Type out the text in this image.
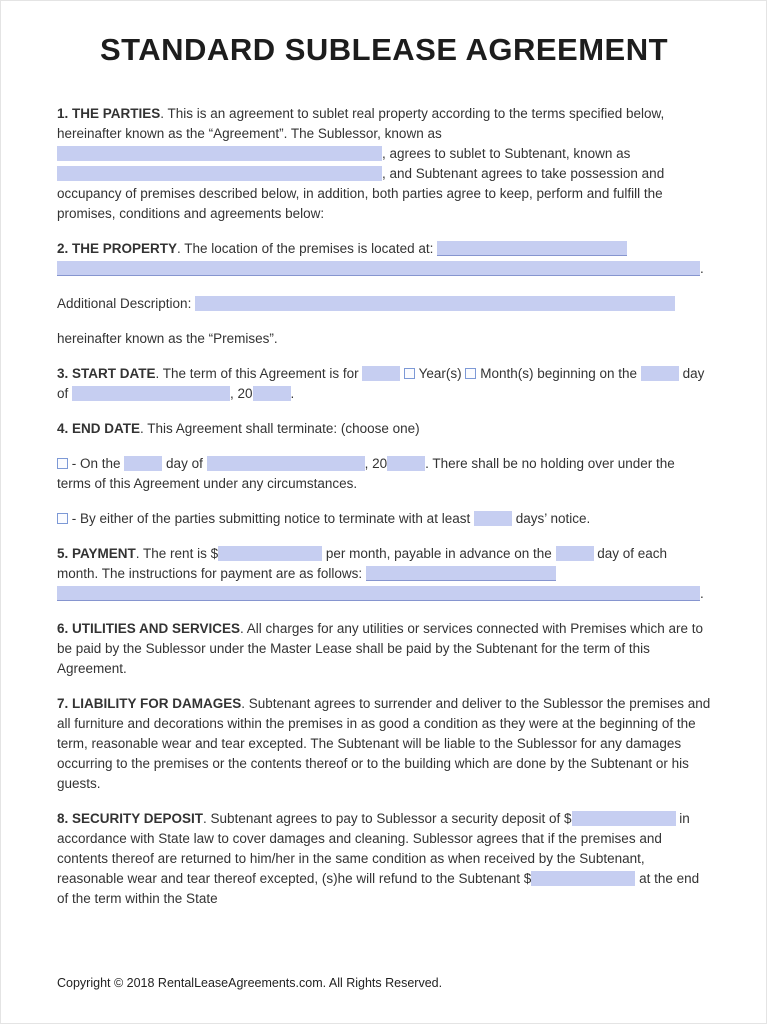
STANDARD SUBLEASE AGREEMENT

1. THE PARTIES. This is an agreement to sublet real property according to the terms specified below, hereinafter known as the “Agreement”. The Sublessor, known as , agrees to sublet to Subtenant, known as , and Subtenant agrees to take possession and occupancy of premises described below, in addition, both parties agree to keep, perform and fulfill the promises, conditions and agreements below:

2. THE PROPERTY. The location of the premises is located at: .

Additional Description:

hereinafter known as the “Premises”.

3. START DATE. The term of this Agreement is for	Year(s) Month(s) beginning on the	day of	, 20	.

4. END DATE. This Agreement shall terminate: (choose one)

- On the	day of	, 20	. There shall be no holding over under the terms of this Agreement under any circumstances.

- By either of the parties submitting notice to terminate with at least	days’ notice.

5. PAYMENT. The rent is $	per month, payable in advance on the	day of each month. The instructions for payment are as follows: .

6. UTILITIES AND SERVICES. All charges for any utilities or services connected with Premises which are to be paid by the Sublessor under the Master Lease shall be paid by the Subtenant for the term of this Agreement.

7. LIABILITY FOR DAMAGES. Subtenant agrees to surrender and deliver to the Sublessor the premises and all furniture and decorations within the premises in as good a condition as they were at the beginning of the term, reasonable wear and tear excepted. The Subtenant will be liable to the Sublessor for any damages occurring to the premises or the contents thereof or to the building which are done by the Subtenant or his guests.

8. SECURITY DEPOSIT. Subtenant agrees to pay to Sublessor a security deposit of $	in accordance with State law to cover damages and cleaning. Sublessor agrees that if the premises and contents thereof are returned to him/her in the same condition as when received by the Subtenant, reasonable wear and tear thereof excepted, (s)he will refund to the Subtenant $	at the end of the term within the State

Copyright © 2018 RentalLeaseAgreements.com. All Rights Reserved.
